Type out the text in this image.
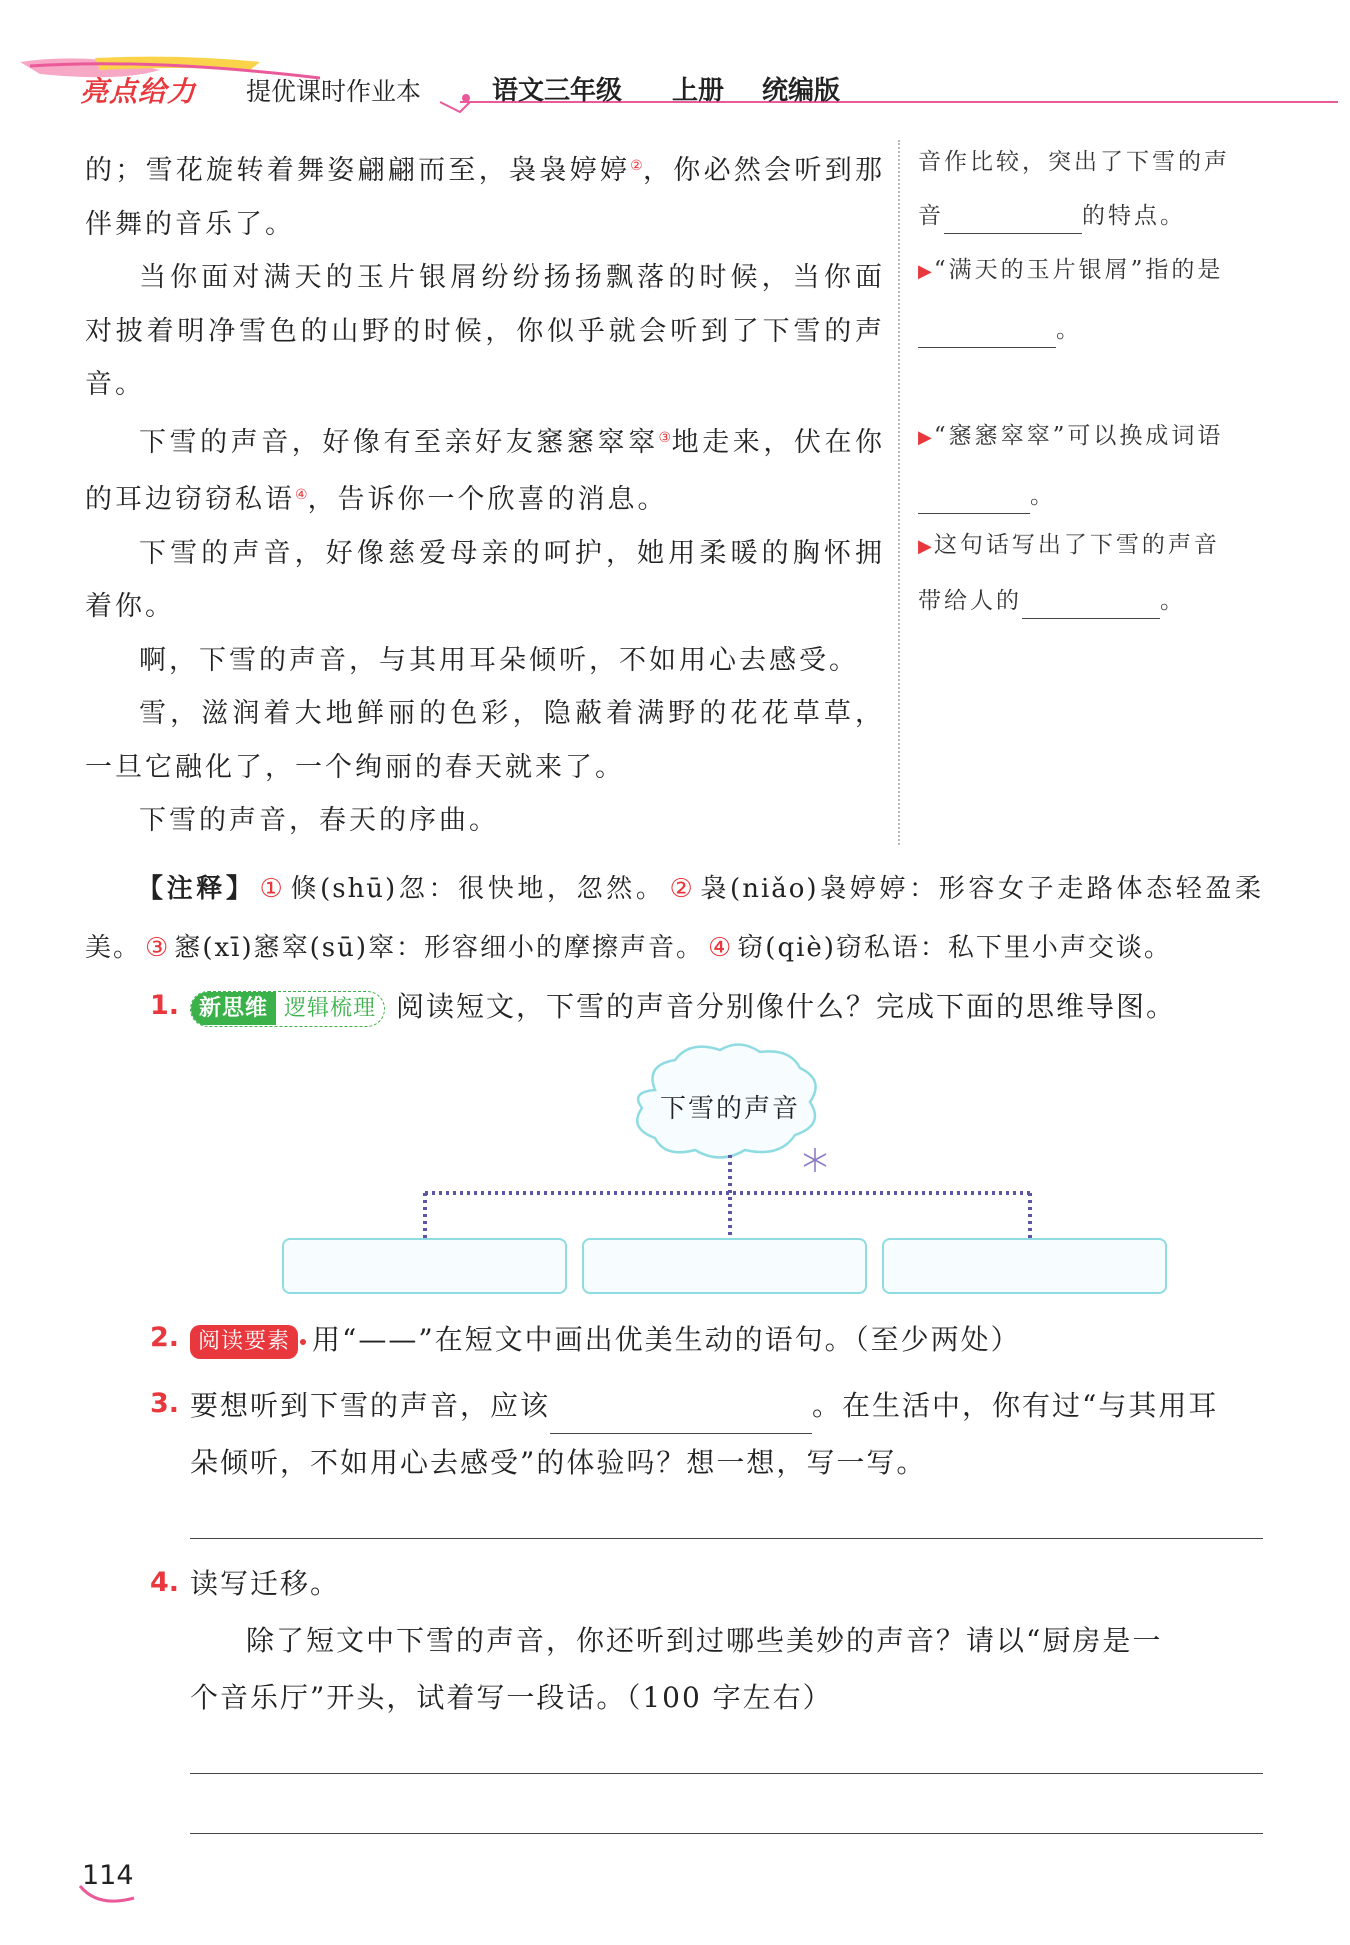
亮点给力 提优课时作业本	语文三年级 上册 统编版

的；雪花旋转着舞姿翩翩而至，袅袅婷婷②，你必然会听到那伴舞的音乐了。

当你面对满天的玉片银屑纷纷扬扬飘落的时候，当你面对披着明净雪色的山野的时候，你似乎就会听到了下雪的声音。

下雪的声音，好像有至亲好友窸窸窣窣③地走来，伏在你的耳边窃窃私语④，告诉你一个欣喜的消息。

下雪的声音，好像慈爱母亲的呵护，她用柔暖的胸怀拥着你。

啊，下雪的声音，与其用耳朵倾听，不如用心去感受。

雪，滋润着大地鲜丽的色彩，隐蔽着满野的花花草草，一旦它融化了，一个绚丽的春天就来了。

下雪的声音，春天的序曲。

音作比较，突出了下雪的声
音	的特点。
▶“满天的玉片银屑”指的是
。
▶“窸窸窣窣”可以换成词语
。
▶这句话写出了下雪的声音
带给人的	。
【注释】 ① 倏(shū)忽：很快地，忽然。 ② 袅(niǎo)袅婷婷：形容女子走路体态轻盈柔美。 ③ 窸(xī)窸窣(sū)窣：形容细小的摩擦声音。 ④ 窃(qiè)窃私语：私下里小声交谈。
1. 新思维 逻辑梳理 阅读短文，下雪的声音分别像什么？完成下面的思维导图。
下雪的声音
2. 阅读要素 用“——”在短文中画出优美生动的语句。（至少两处）
3. 要想听到下雪的声音，应该	。在生活中，你有过“与其用耳
朵倾听，不如用心去感受”的体验吗？想一想，写一写。
4. 读写迁移。
除了短文中下雪的声音，你还听到过哪些美妙的声音？请以“厨房是一
个音乐厅”开头，试着写一段话。（100 字左右）
114
